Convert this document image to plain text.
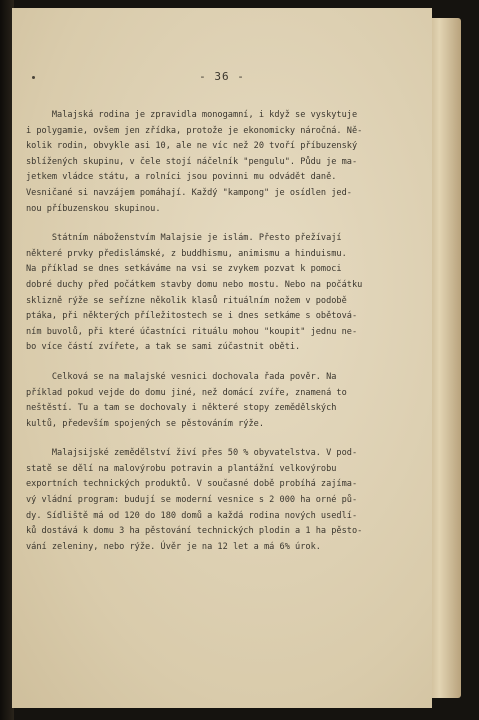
- 36 -
Malajská rodina je zpravidla monogamní, i když se vyskytuje
i polygamie, ovšem jen zřídka, protože je ekonomicky náročná. Ně-
kolik rodin, obvykle asi 10, ale ne víc než 20 tvoří příbuzenský
sblížených skupinu, v čele stojí náčelník "pengulu". Půdu je ma-
jetkem vládce státu, a rolníci jsou povinni mu odvádět daně.
Vesničané si navzájem pomáhají. Každý "kampong" je osídlen jed-
nou příbuzenskou skupinou.
Státním náboženstvím Malajsie je islám. Přesto přežívají
některé prvky předislámské, z buddhismu, animismu a hinduismu.
Na příklad se dnes setkáváme na vsi se zvykem pozvat k pomoci
dobré duchy před počátkem stavby domu nebo mostu. Nebo na počátku
sklizně rýže se seřízne několik klasů rituálním nožem v podobě
ptáka, při některých příležitostech se i dnes setkáme s obětová-
ním buvolů, při které účastníci rituálu mohou "koupit" jednu ne-
bo více částí zvířete, a tak se sami zúčastnit oběti.
Celková se na malajské vesnici dochovala řada pověr. Na
příklad pokud vejde do domu jiné, než domácí zvíře, znamená to
neštěstí. Tu a tam se dochovaly i některé stopy zemědělských
kultů, především spojených se pěstováním rýže.
Malajsijské zemědělství živí přes 50 % obyvatelstva. V pod-
statě se dělí na malovýrobu potravin a plantážní velkovýrobu
exportních technických produktů. V současné době probíhá zajíma-
vý vládní program: budují se moderní vesnice s 2 000 ha orné pů-
dy. Sídliště má od 120 do 180 domů a každá rodina nových usedlí-
ků dostává k domu 3 ha pěstování technických plodin a 1 ha pěsto-
vání zeleniny, nebo rýže. Úvěr je na 12 let a má 6% úrok.
